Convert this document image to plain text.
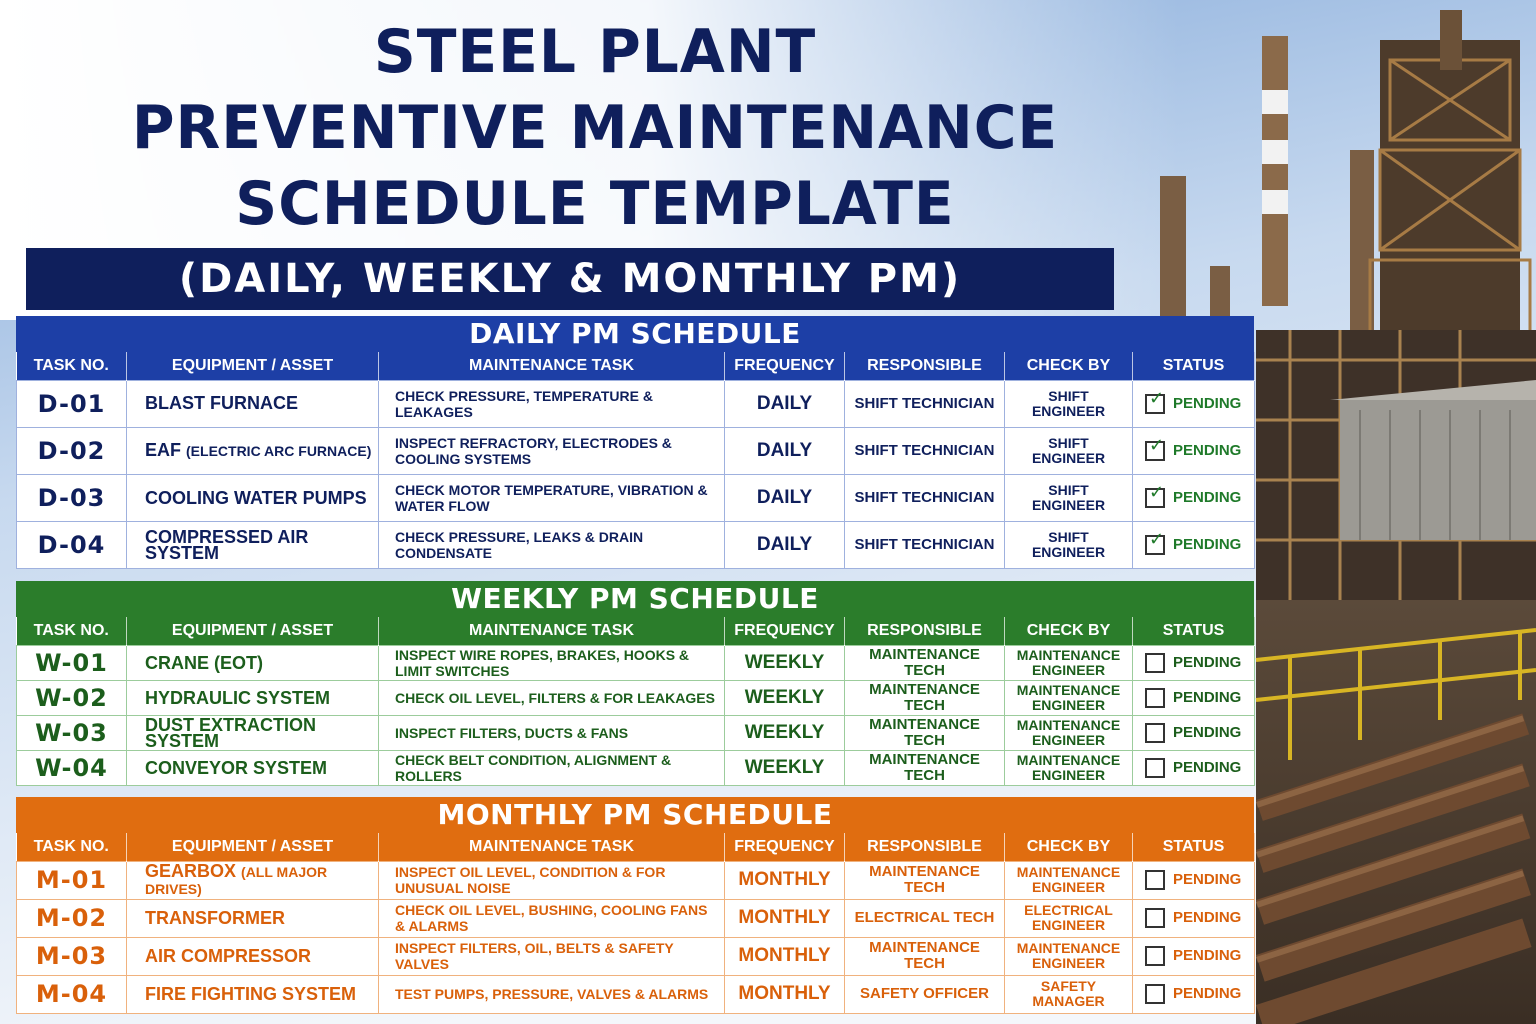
STEEL PLANT
PREVENTIVE MAINTENANCE
SCHEDULE TEMPLATE
(DAILY, WEEKLY & MONTHLY PM)
DAILY PM SCHEDULE
TASK NO.	EQUIPMENT / ASSET	MAINTENANCE TASK	FREQUENCY	RESPONSIBLE	CHECK BY	STATUS
D-01	BLAST FURNACE	CHECK PRESSURE, TEMPERATURE & LEAKAGES	DAILY	SHIFT TECHNICIAN	SHIFT ENGINEER	✓ PENDING
D-02	EAF (ELECTRIC ARC FURNACE)	INSPECT REFRACTORY, ELECTRODES & COOLING SYSTEMS	DAILY	SHIFT TECHNICIAN	SHIFT ENGINEER	✓ PENDING
D-03	COOLING WATER PUMPS	CHECK MOTOR TEMPERATURE, VIBRATION & WATER FLOW	DAILY	SHIFT TECHNICIAN	SHIFT ENGINEER	✓ PENDING
D-04	COMPRESSED AIR SYSTEM	CHECK PRESSURE, LEAKS & DRAIN CONDENSATE	DAILY	SHIFT TECHNICIAN	SHIFT ENGINEER	✓ PENDING
WEEKLY PM SCHEDULE
TASK NO.	EQUIPMENT / ASSET	MAINTENANCE TASK	FREQUENCY	RESPONSIBLE	CHECK BY	STATUS
W-01	CRANE (EOT)	INSPECT WIRE ROPES, BRAKES, HOOKS & LIMIT SWITCHES	WEEKLY	MAINTENANCE TECH	MAINTENANCE ENGINEER	PENDING
W-02	HYDRAULIC SYSTEM	CHECK OIL LEVEL, FILTERS & FOR LEAKAGES	WEEKLY	MAINTENANCE TECH	MAINTENANCE ENGINEER	PENDING
W-03	DUST EXTRACTION SYSTEM	INSPECT FILTERS, DUCTS & FANS	WEEKLY	MAINTENANCE TECH	MAINTENANCE ENGINEER	PENDING
W-04	CONVEYOR SYSTEM	CHECK BELT CONDITION, ALIGNMENT & ROLLERS	WEEKLY	MAINTENANCE TECH	MAINTENANCE ENGINEER	PENDING
MONTHLY PM SCHEDULE
TASK NO.	EQUIPMENT / ASSET	MAINTENANCE TASK	FREQUENCY	RESPONSIBLE	CHECK BY	STATUS
M-01	GEARBOX (ALL MAJOR DRIVES)	INSPECT OIL LEVEL, CONDITION & FOR UNUSUAL NOISE	MONTHLY	MAINTENANCE TECH	MAINTENANCE ENGINEER	PENDING
M-02	TRANSFORMER	CHECK OIL LEVEL, BUSHING, COOLING FANS & ALARMS	MONTHLY	ELECTRICAL TECH	ELECTRICAL ENGINEER	PENDING
M-03	AIR COMPRESSOR	INSPECT FILTERS, OIL, BELTS & SAFETY VALVES	MONTHLY	MAINTENANCE TECH	MAINTENANCE ENGINEER	PENDING
M-04	FIRE FIGHTING SYSTEM	TEST PUMPS, PRESSURE, VALVES & ALARMS	MONTHLY	SAFETY OFFICER	SAFETY MANAGER	PENDING
